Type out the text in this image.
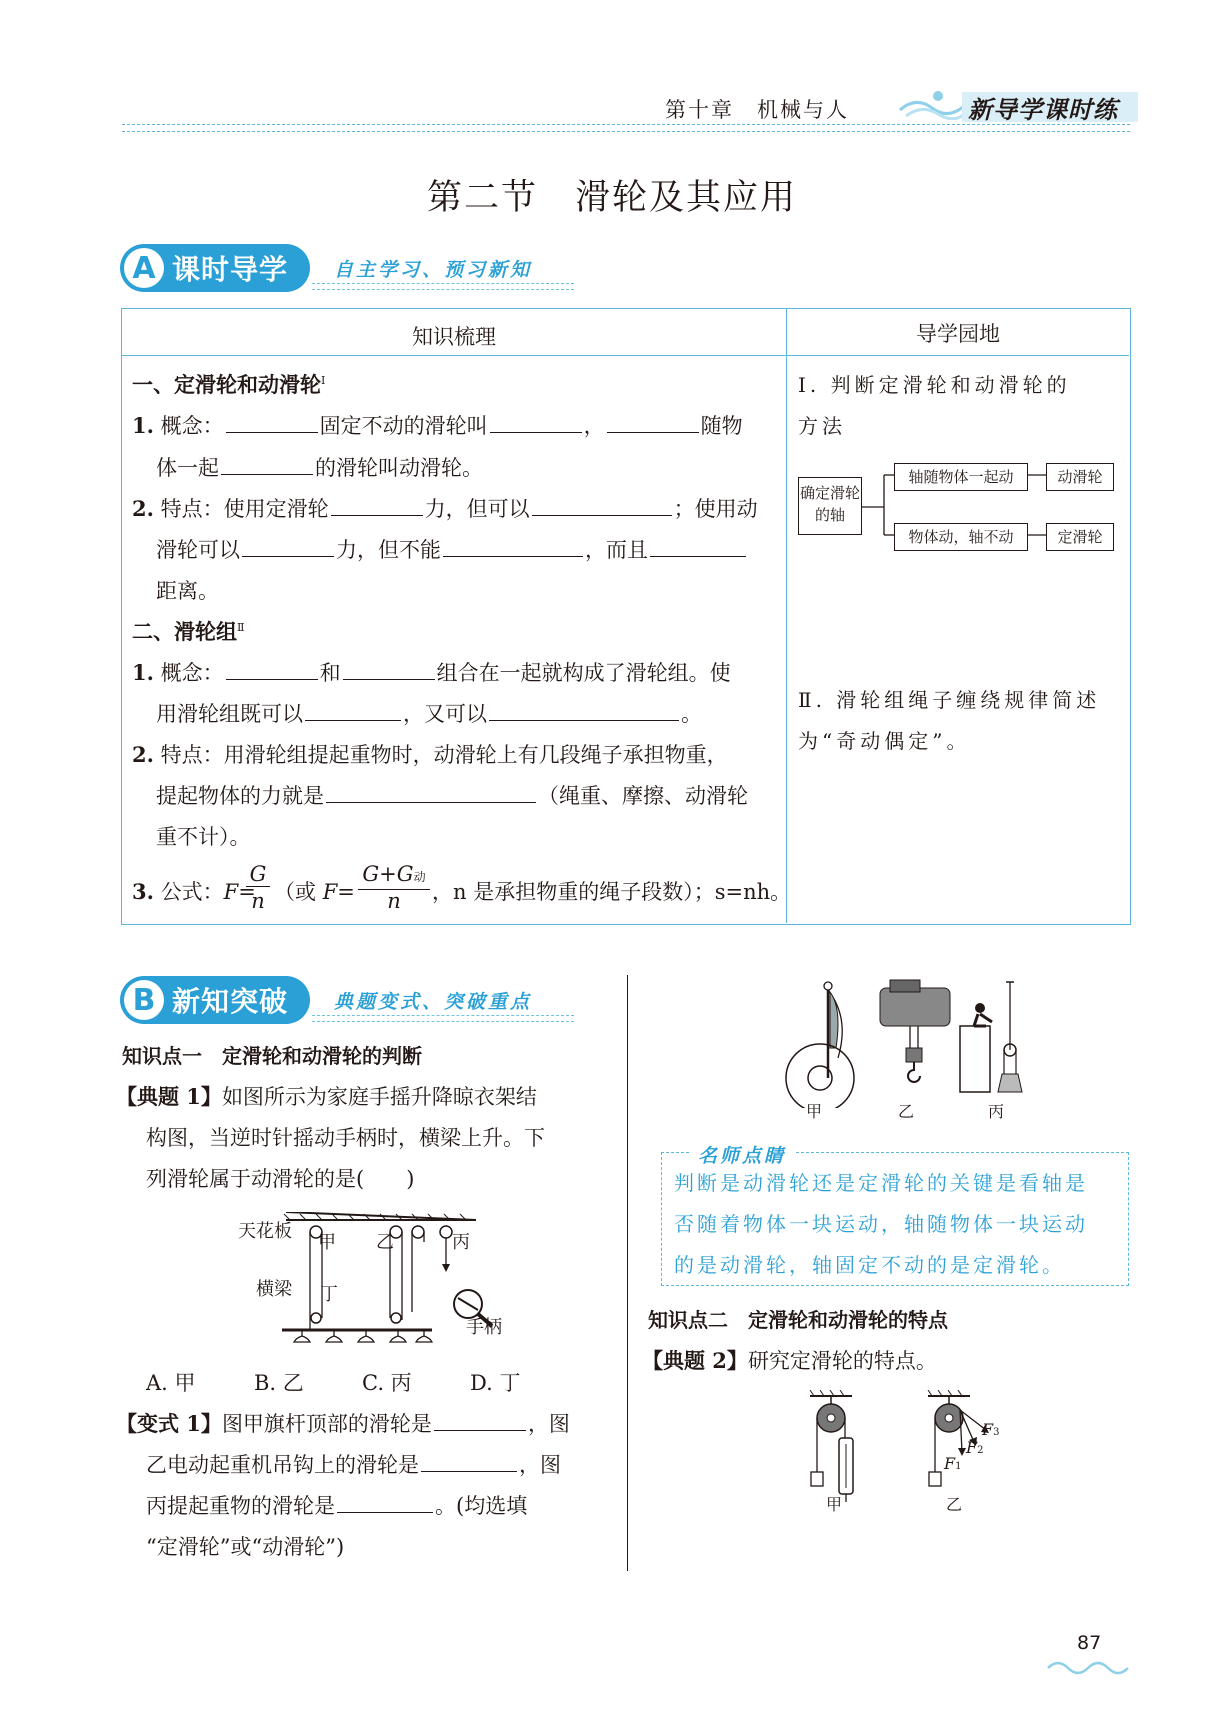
第十章　机械与人	新导学课时练
第二节　滑轮及其应用
A 课时导学 自主学习、预习新知
知识梳理	导学园地
一、定滑轮和动滑轮$^Ⅰ$
1. 概念：	固定不动的滑轮叫	，	随物
体一起	的滑轮叫动滑轮。
2. 特点：使用定滑轮	力，但可以	；使用动
滑轮可以	力，但不能	，而且
距离。
二、滑轮组$^Ⅱ$
1. 概念：	和	组合在一起就构成了滑轮组。使
用滑轮组既可以	，又可以	。
2. 特点：用滑轮组提起重物时，动滑轮上有几段绳子承担物重，
提起物体的力就是	（绳重、摩擦、动滑轮
重不计）。
3. 公式：F=
G
n （或 F=
G+G动
n	，n 是承担物重的绳子段数）；s=nh。
Ⅰ. 判断定滑轮和动滑轮的
方法
确定滑轮的轴
轴随物体一起动	动滑轮
物体动，轴不动	定滑轮
Ⅱ. 滑轮组绳子缠绕规律简述
为“奇动偶定”。
B 新知突破 典题变式、突破重点
知识点一　定滑轮和动滑轮的判断
【典题 1】如图所示为家庭手摇升降晾衣架结
构图，当逆时针摇动手柄时，横梁上升。下
列滑轮属于动滑轮的是(　　)
天花板
甲 乙	丙
横梁 丁
手柄
A. 甲	B. 乙	C. 丙	D. 丁
【变式 1】图甲旗杆顶部的滑轮是	，图
乙电动起重机吊钩上的滑轮是	，图
丙提起重物的滑轮是	。(均选填
“定滑轮”或“动滑轮”)
甲	乙	丙
名师点睛
判断是动滑轮还是定滑轮的关键是看轴是
否随着物体一块运动，轴随物体一块运动
的是动滑轮，轴固定不动的是定滑轮。
知识点二　定滑轮和动滑轮的特点
【典题 2】研究定滑轮的特点。
甲	乙
F1
F2
F3
87
